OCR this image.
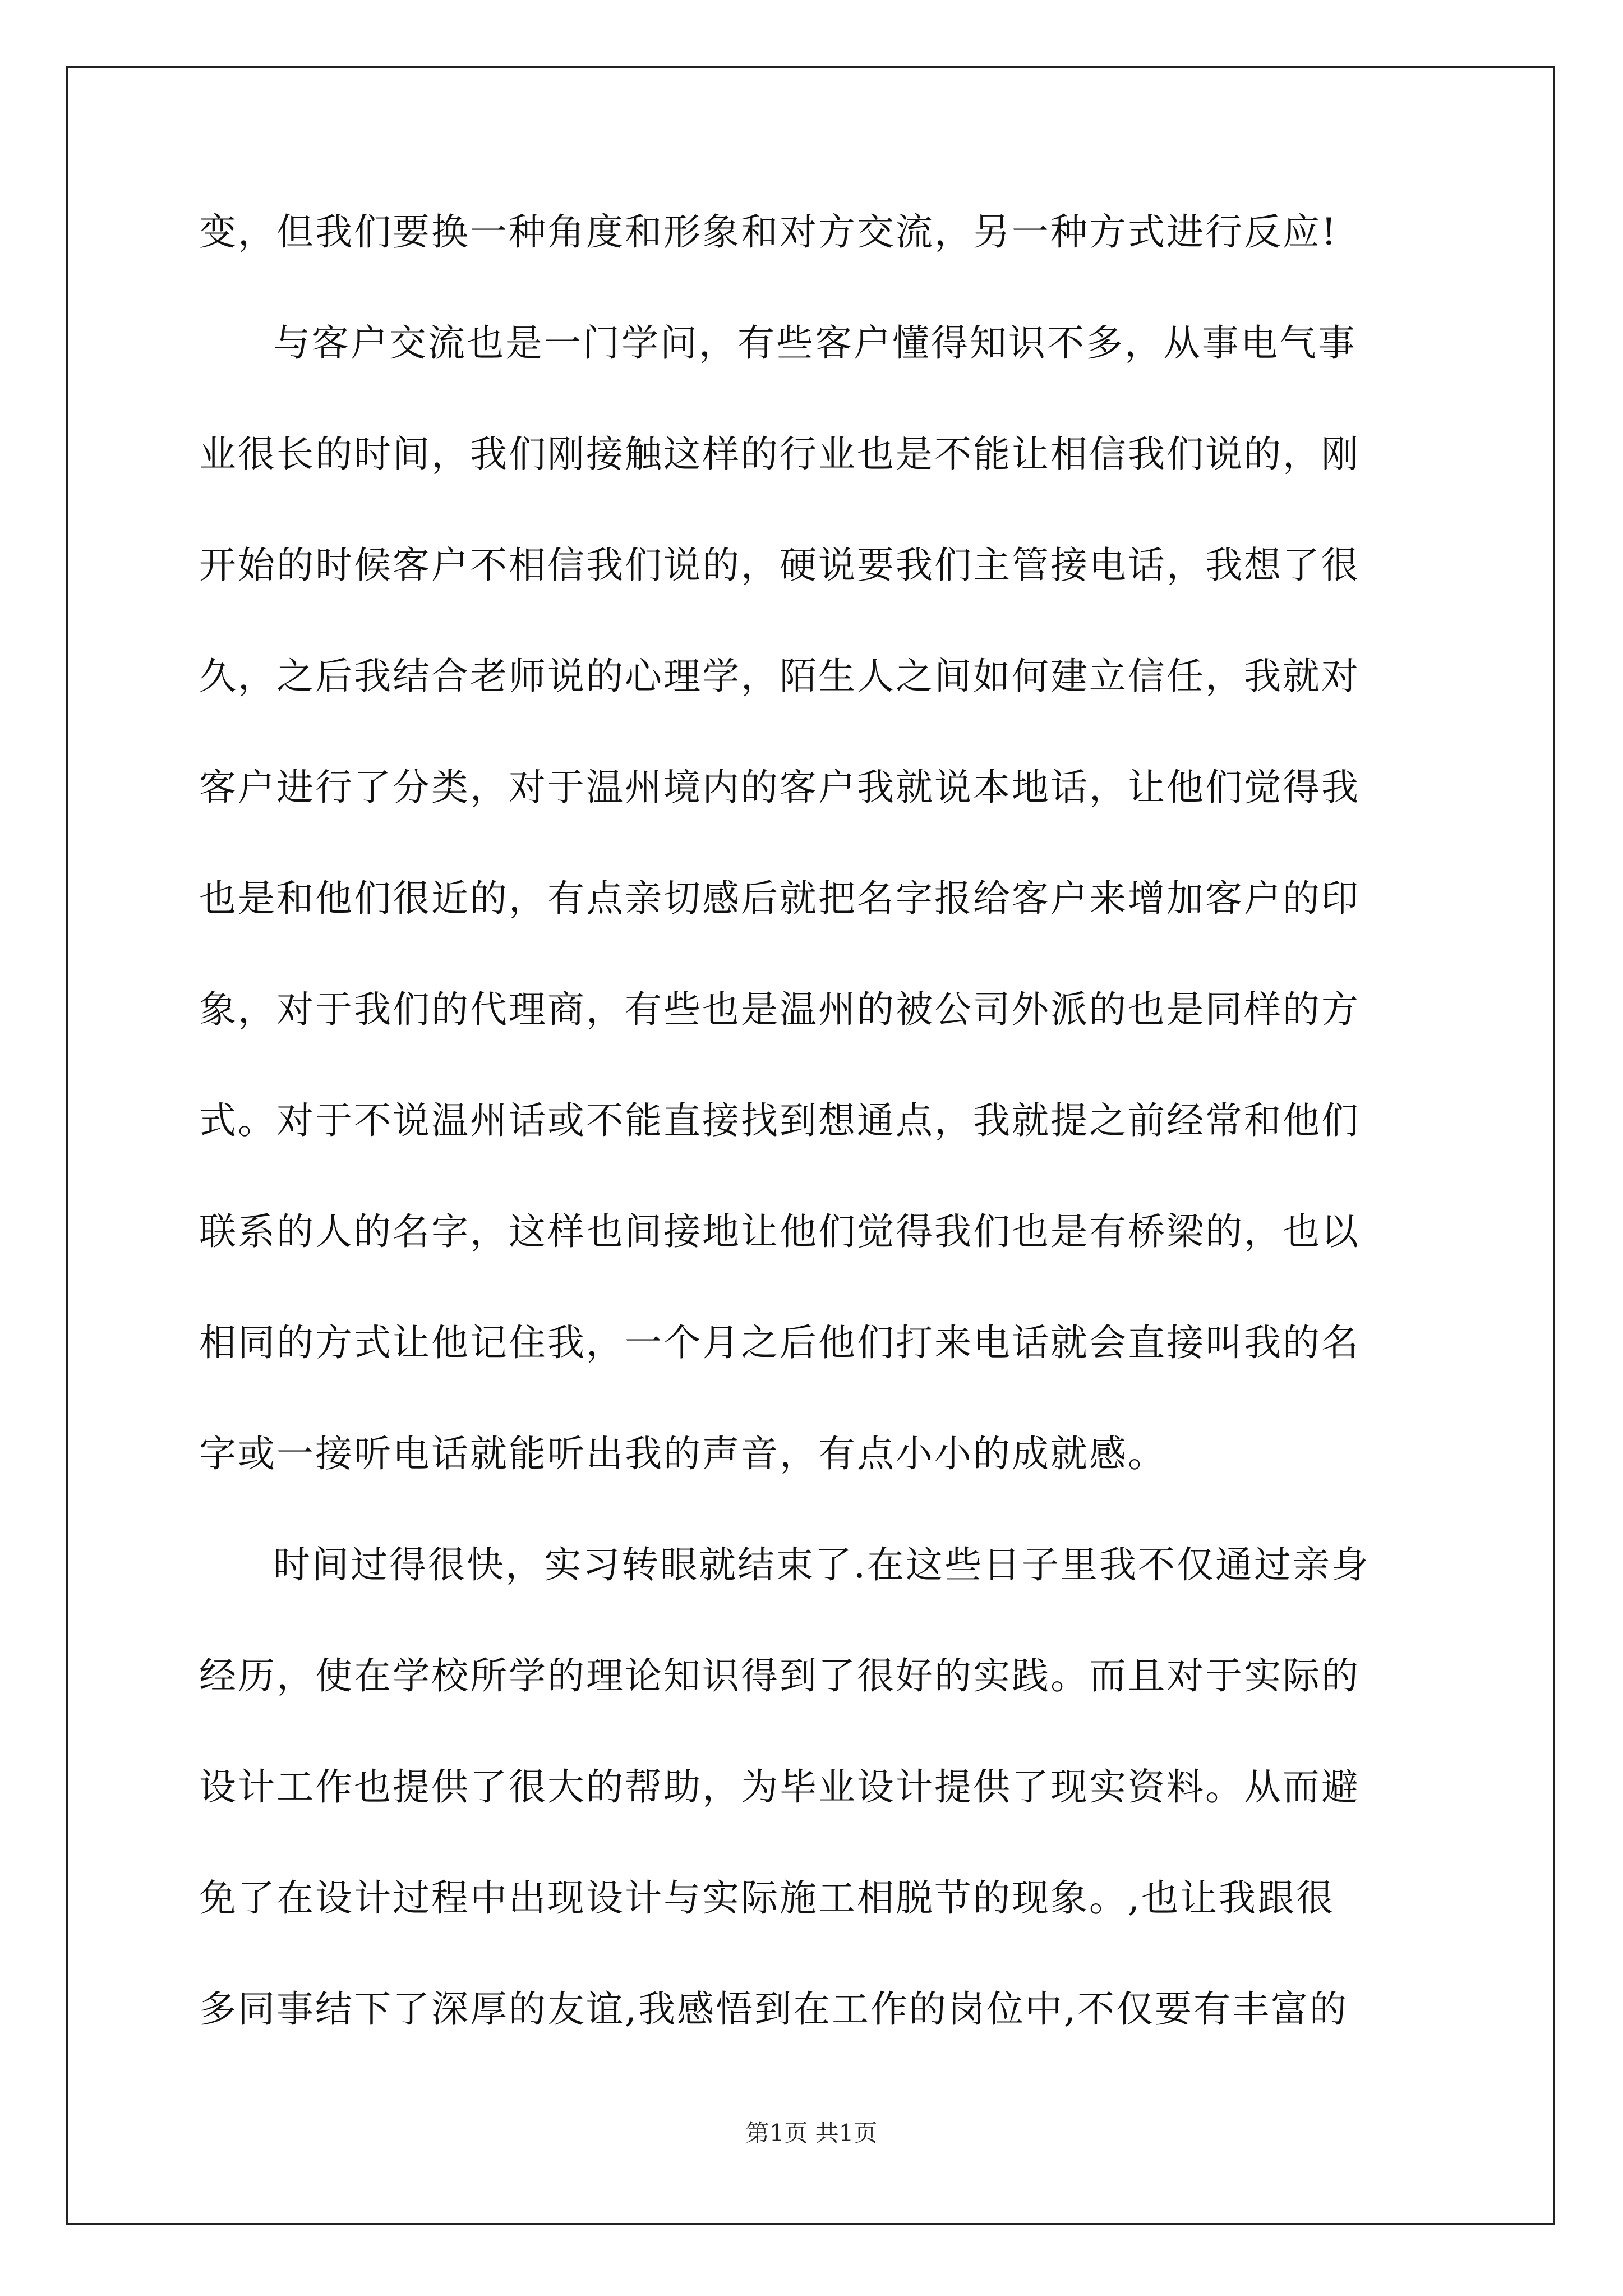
变，但我们要换一种角度和形象和对方交流，另一种方式进行反应!
与客户交流也是一门学问，有些客户懂得知识不多，从事电气事
业很长的时间，我们刚接触这样的行业也是不能让相信我们说的，刚
开始的时候客户不相信我们说的，硬说要我们主管接电话，我想了很
久，之后我结合老师说的心理学，陌生人之间如何建立信任，我就对
客户进行了分类，对于温州境内的客户我就说本地话，让他们觉得我
也是和他们很近的，有点亲切感后就把名字报给客户来增加客户的印
象，对于我们的代理商，有些也是温州的被公司外派的也是同样的方
式。对于不说温州话或不能直接找到想通点，我就提之前经常和他们
联系的人的名字，这样也间接地让他们觉得我们也是有桥梁的，也以
相同的方式让他记住我，一个月之后他们打来电话就会直接叫我的名
字或一接听电话就能听出我的声音，有点小小的成就感。
时间过得很快，实习转眼就结束了.在这些日子里我不仅通过亲身
经历，使在学校所学的理论知识得到了很好的实践。而且对于实际的
设计工作也提供了很大的帮助，为毕业设计提供了现实资料。从而避
免了在设计过程中出现设计与实际施工相脱节的现象。,也让我跟很
多同事结下了深厚的友谊,我感悟到在工作的岗位中,不仅要有丰富的
第1页 共1页
